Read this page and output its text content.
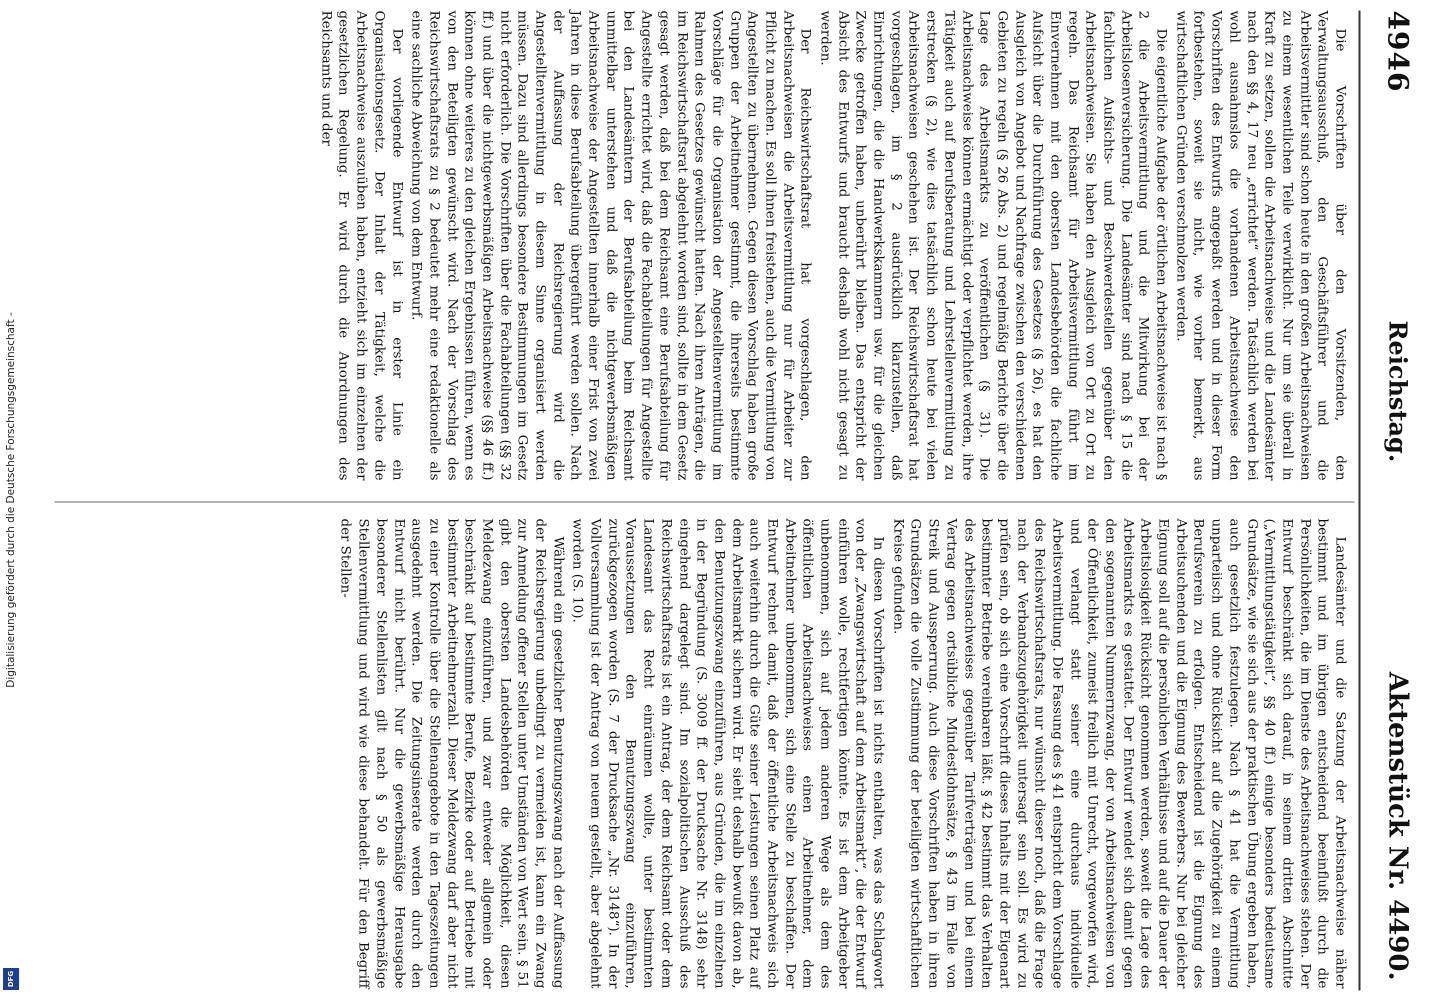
Digitalisierung gefördert durch die Deutsche Forschungsgemeinschaft -
DFG
4946
Reichstag.
Aktenstück Nr. 4490.

Die Vorschriften über den Vorsitzenden, den Verwaltungsausschuß, den Geschäftsführer und die Arbeitsvermittler sind schon heute in den großen Arbeitsnachweisen zu einem wesentlichen Teile verwirklicht. Nur um sie überall in Kraft zu setzen, sollen die Arbeitsnachweise und die Landesämter nach den §§ 4, 17 neu „errichtet“ werden. Tatsächlich werden bei wohl ausnahmslos die vorhandenen Arbeitsnachweise den Vorschriften des Entwurfs angepaßt werden und in dieser Form fortbestehen, soweit sie nicht, wie vorher bemerkt, aus wirtschaftlichen Gründen verschmolzen werden.

Die eigentliche Aufgabe der örtlichen Arbeitsnachweise ist nach § 2 die Arbeitsvermittlung und die Mitwirkung bei der Arbeitslosenversicherung. Die Landesämter sind nach § 15 die fachlichen Aufsichts- und Beschwerdestellen gegenüber den Arbeitsnachweisen. Sie haben den Ausgleich von Ort zu Ort zu regeln. Das Reichsamt für Arbeitsvermittlung führt im Einvernehmen mit den obersten Landesbehörden die fachliche Aufsicht über die Durchführung des Gesetzes (§ 26), es hat den Ausgleich von Angebot und Nachfrage zwischen den verschiedenen Gebieten zu regeln (§ 26 Abs. 2) und regelmäßig Berichte über die Lage des Arbeitsmarkts zu veröffentlichen (§ 31). Die Arbeitsnachweise können ermächtigt oder verpflichtet werden, ihre Tätigkeit auch auf Berufsberatung und Lehrstellenvermittlung zu erstrecken (§ 2), wie dies tatsächlich schon heute bei vielen Arbeitsnachweisen geschehen ist. Der Reichswirtschaftsrat hat vorgeschlagen, im § 2 ausdrücklich klarzustellen, daß Einrichtungen, die die Handwerkskammern usw. für die gleichen Zwecke getroffen haben, unberührt bleiben. Das entspricht der Absicht des Entwurfs und braucht deshalb wohl nicht gesagt zu werden.

Der Reichswirtschaftsrat hat vorgeschlagen, den Arbeitsnachweisen die Arbeitsvermittlung nur für Arbeiter zur Pflicht zu machen. Es soll ihnen freistehen, auch die Vermittlung von Angestellten zu übernehmen. Gegen diesen Vorschlag haben große Gruppen der Arbeitnehmer gestimmt, die ihrerseits bestimmte Vorschläge für die Organisation der Angestelltenvermittlung im Rahmen des Gesetzes gewünscht hatten. Nach ihren Anträgen, die im Reichswirtschaftsrat abgelehnt worden sind, sollte in dem Gesetz gesagt werden, daß bei dem Reichsamt eine Berufsabteilung für Angestellte errichtet wird, daß die Fachabteilungen für Angestellte bei den Landesämtern der Berufsabteilung beim Reichsamt unmittelbar unterstehen und daß die nichtgewerbsmäßigen Arbeitsnachweise der Angestellten innerhalb einer Frist von zwei Jahren in diese Berufsabteilung übergeführt werden sollen. Nach der Auffassung der Reichsregierung wird die Angestelltenvermittlung in diesem Sinne organisiert werden müssen. Dazu sind allerdings besondere Bestimmungen im Gesetz nicht erforderlich. Die Vorschriften über die Fachabteilungen (§§ 32 ff.) und über die nichtgewerbsmäßigen Arbeitsnachweise (§§ 46 ff.) können ohne weiteres zu den gleichen Ergebnissen führen, wenn es von den Beteiligten gewünscht wird. Nach der Vorschlag des Reichswirtschaftsrats zu § 2 bedeutet mehr eine redaktionelle als eine sachliche Abweichung von dem Entwurf.

Der vorliegende Entwurf ist in erster Linie ein Organisationsgesetz. Der Inhalt der Tätigkeit, welche die Arbeitsnachweise auszuüben haben, entzieht sich im einzelnen der gesetzlichen Regelung. Er wird durch die Anordnungen des Reichsamts und der

Landesämter und die Satzung der Arbeitsnachweise näher bestimmt und im übrigen entscheidend beeinflußt durch die Persönlichkeiten, die im Dienste des Arbeitsnachweises stehen. Der Entwurf beschränkt sich darauf, in seinem dritten Abschnitte („Vermittlungstätigkeit“, §§ 40 ff.) einige besonders bedeutsame Grundsätze, wie sie sich aus der praktischen Übung ergeben haben, auch gesetzlich festzulegen. Nach § 41 hat die Vermittlung unparteiisch und ohne Rücksicht auf die Zugehörigkeit zu einem Berufsverein zu erfolgen. Entscheidend ist die Eignung des Arbeitsuchenden und die Eignung des Bewerbers. Nur bei gleicher Eignung soll auf die persönlichen Verhältnisse und auf die Dauer der Arbeitslosigkeit Rücksicht genommen werden, soweit die Lage des Arbeitsmarkts es gestattet. Der Entwurf wendet sich damit gegen den sogenannten Nummernzwang, der von Arbeitsnachweisen von der Öffentlichkeit, zumeist freilich mit Unrecht, vorgeworfen wird, und verlangt statt seiner eine durchaus individuelle Arbeitsvermittlung. Die Fassung des § 41 entspricht dem Vorschlage des Reichswirtschaftsrats, nur wünscht dieser noch, daß die Frage nach der Verbandszugehörigkeit untersagt sein soll. Es wird zu prüfen sein, ob sich eine Vorschrift dieses Inhalts mit der Eigenart bestimmter Betriebe vereinbaren läßt. § 42 bestimmt das Verhalten des Arbeitsnachweises gegenüber Tarifverträgen und bei einem Vertrag gegen ortsübliche Mindestlohnsätze, § 43 im Falle von Streik und Aussperrung. Auch diese Vorschriften haben in ihren Grundsätzen die volle Zustimmung der beteiligten wirtschaftlichen Kreise gefunden.

In diesen Vorschriften ist nichts enthalten, was das Schlagwort von der „Zwangswirtschaft auf dem Arbeitsmarkt“, die der Entwurf einführen wolle, rechtfertigen könnte. Es ist dem Arbeitgeber unbenommen, sich auf jedem anderen Wege als dem des öffentlichen Arbeitsnachweises einen Arbeitnehmer, dem Arbeitnehmer unbenommen, sich eine Stelle zu beschaffen. Der Entwurf rechnet damit, daß der öffentliche Arbeitsnachweis sich auch weiterhin durch die Güte seiner Leistungen seinen Platz auf dem Arbeitsmarkt sichern wird. Er sieht deshalb bewußt davon ab, den Benutzungszwang einzuführen, aus Gründen, die im einzelnen in der Begründung (S. 3009 ff. der Drucksache Nr. 3148) sehr eingehend dargelegt sind. Im sozialpolitischen Ausschuß des Reichswirtschaftsrats ist ein Antrag, der dem Reichsamt oder dem Landesamt das Recht einräumen wollte, unter bestimmten Voraussetzungen den Benutzungszwang einzuführen, zurückgezogen worden (S. 7 der Drucksache „Nr. 3148“). In der Vollversammlung ist der Antrag von neuem gestellt, aber abgelehnt worden (S. 10).

Während ein gesetzlicher Benutzungszwang nach der Auffassung der Reichsregierung unbedingt zu vermeiden ist, kann ein Zwang zur Anmeldung offener Stellen unter Umständen von Wert sein. § 51 gibt den obersten Landesbehörden die Möglichkeit, diesen Meldezwang einzuführen, und zwar entweder allgemein oder beschränkt auf bestimmte Berufe, Bezirke oder auf Betriebe mit bestimmter Arbeitnehmerzahl. Dieser Meldezwang darf aber nicht zu einer Kontrolle über die Stellenangebote in den Tageszeitungen ausgedehnt werden. Die Zeitungsinserate werden durch den Entwurf nicht berührt. Nur die gewerbsmäßige Herausgabe besonderer Stellenlisten gilt nach § 50 als gewerbsmäßige Stellenvermittlung und wird wie diese behandelt. Für den Begriff der Stellen-
